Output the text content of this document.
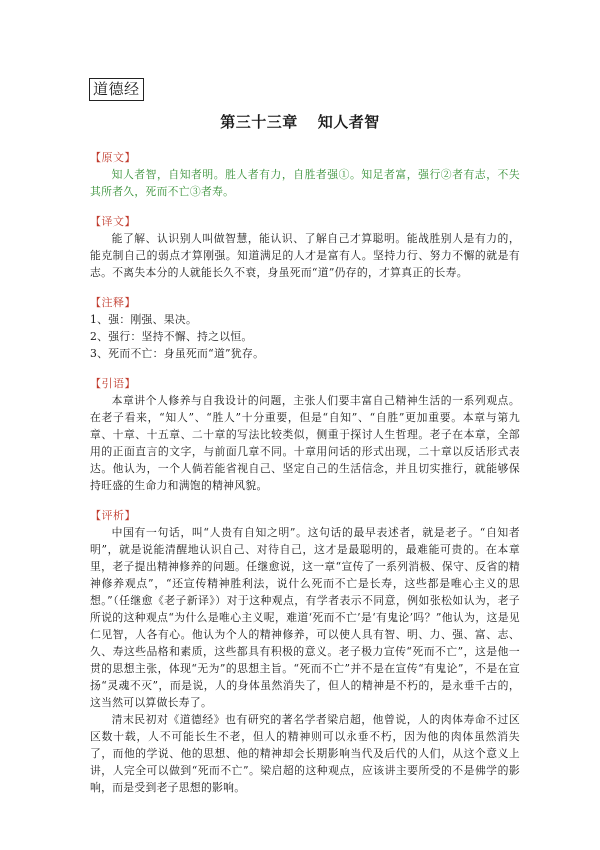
道德经
第三十三章 知人者智

【原文】

知人者智，自知者明。胜人者有力，自胜者强①。知足者富，强行②者有志，不失其所者久，死而不亡③者寿。

【译文】

能了解、认识别人叫做智慧，能认识、了解自己才算聪明。能战胜别人是有力的，能克制自己的弱点才算刚强。知道满足的人才是富有人。坚持力行、努力不懈的就是有志。不离失本分的人就能长久不衰，身虽死而“道”仍存的，才算真正的长寿。

【注释】

1、强：刚强、果决。

2、强行：坚持不懈、持之以恒。

3、死而不亡：身虽死而“道”犹存。

【引语】

本章讲个人修养与自我设计的问题，主张人们要丰富自己精神生活的一系列观点。在老子看来，“知人”、“胜人”十分重要，但是“自知”、“自胜”更加重要。本章与第九章、十章、十五章、二十章的写法比较类似，侧重于探讨人生哲理。老子在本章，全部用的正面直言的文字，与前面几章不同。十章用问话的形式出现，二十章以反话形式表达。他认为，一个人倘若能省视自己、坚定自己的生活信念，并且切实推行，就能够保持旺盛的生命力和满饱的精神风貌。

【评析】

中国有一句话，叫“人贵有自知之明”。这句话的最早表述者，就是老子。“自知者明”，就是说能清醒地认识自己、对待自己，这才是最聪明的，最难能可贵的。在本章里，老子提出精神修养的问题。任继愈说，这一章“宣传了一系列消极、保守、反省的精神修养观点”，“还宣传精神胜利法，说什么死而不亡是长寿，这些都是唯心主义的思想。”（任继愈《老子新译》）对于这种观点，有学者表示不同意，例如张松如认为，老子所说的这种观点“为什么是唯心主义呢，难道‘死而不亡’是‘有鬼论’吗？”他认为，这是见仁见智，人各有心。他认为个人的精神修养，可以使人具有智、明、力、强、富、志、久、寿这些品格和素质，这些都具有积极的意义。老子极力宣传“死而不亡”，这是他一贯的思想主张，体现“无为”的思想主旨。“死而不亡”并不是在宣传“有鬼论”，不是在宣扬“灵魂不灭”，而是说，人的身体虽然消失了，但人的精神是不朽的，是永垂千古的，这当然可以算做长寿了。

清末民初对《道德经》也有研究的著名学者梁启超，他曾说，人的肉体寿命不过区区数十载，人不可能长生不老，但人的精神则可以永垂不朽，因为他的肉体虽然消失了，而他的学说、他的思想、他的精神却会长期影响当代及后代的人们，从这个意义上讲，人完全可以做到“死而不亡”。梁启超的这种观点，应该讲主要所受的不是佛学的影响，而是受到老子思想的影响。
